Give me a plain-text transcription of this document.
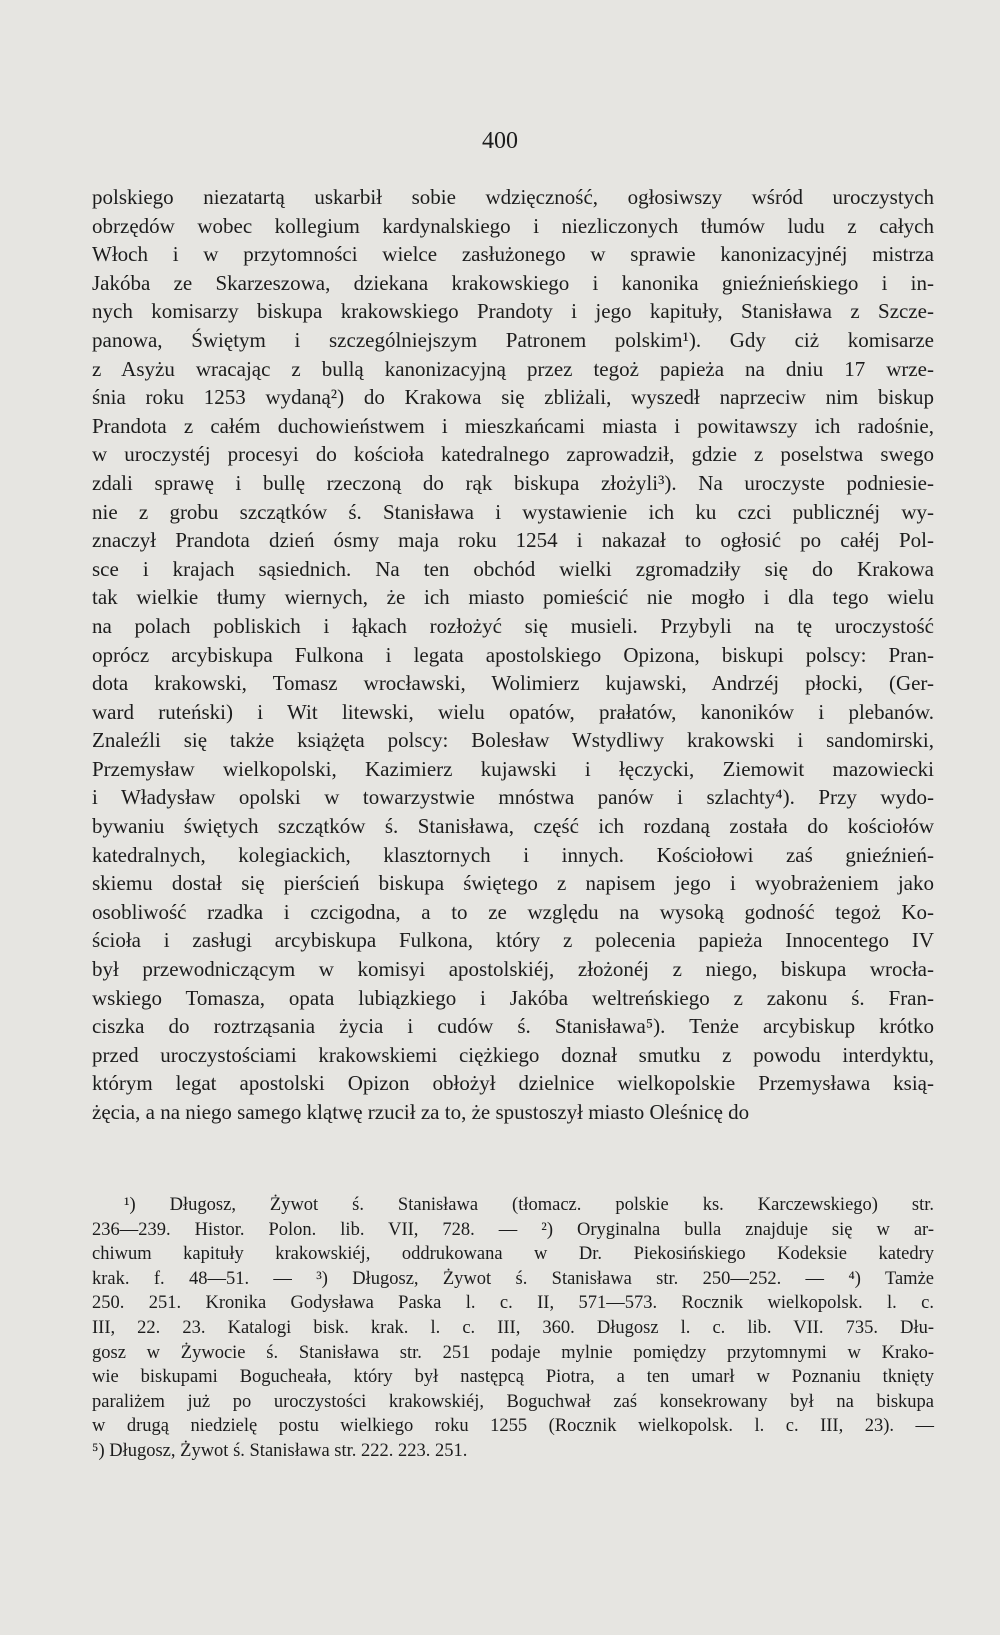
400
polskiego niezatartą uskarbił sobie wdzięczność, ogłosiwszy wśród uroczystych
obrzędów wobec kollegium kardynalskiego i niezliczonych tłumów ludu z całych
Włoch i w przytomności wielce zasłużonego w sprawie kanonizacyjnéj mistrza
Jakóba ze Skarzeszowa, dziekana krakowskiego i kanonika gnieźnieńskiego i in-
nych komisarzy biskupa krakowskiego Prandoty i jego kapituły, Stanisława z Szcze-
panowa, Świętym i szczególniejszym Patronem polskim¹). Gdy ciż komisarze
z Asyżu wracając z bullą kanonizacyjną przez tegoż papieża na dniu 17 wrze-
śnia roku 1253 wydaną²) do Krakowa się zbliżali, wyszedł naprzeciw nim biskup
Prandota z całém duchowieństwem i mieszkańcami miasta i powitawszy ich radośnie,
w uroczystéj procesyi do kościoła katedralnego zaprowadził, gdzie z poselstwa swego
zdali sprawę i bullę rzeczoną do rąk biskupa złożyli³). Na uroczyste podniesie-
nie z grobu szczątków ś. Stanisława i wystawienie ich ku czci publicznéj wy-
znaczył Prandota dzień ósmy maja roku 1254 i nakazał to ogłosić po całéj Pol-
sce i krajach sąsiednich. Na ten obchód wielki zgromadziły się do Krakowa
tak wielkie tłumy wiernych, że ich miasto pomieścić nie mogło i dla tego wielu
na polach pobliskich i łąkach rozłożyć się musieli. Przybyli na tę uroczystość
oprócz arcybiskupa Fulkona i legata apostolskiego Opizona, biskupi polscy: Pran-
dota krakowski, Tomasz wrocławski, Wolimierz kujawski, Andrzéj płocki, (Ger-
ward ruteński) i Wit litewski, wielu opatów, prałatów, kanoników i plebanów.
Znaleźli się także książęta polscy: Bolesław Wstydliwy krakowski i sandomirski,
Przemysław wielkopolski, Kazimierz kujawski i łęczycki, Ziemowit mazowiecki
i Władysław opolski w towarzystwie mnóstwa panów i szlachty⁴). Przy wydo-
bywaniu świętych szczątków ś. Stanisława, część ich rozdaną została do kościołów
katedralnych, kolegiackich, klasztornych i innych. Kościołowi zaś gnieźnień-
skiemu dostał się pierścień biskupa świętego z napisem jego i wyobrażeniem jako
osobliwość rzadka i czcigodna, a to ze względu na wysoką godność tegoż Ko-
ścioła i zasługi arcybiskupa Fulkona, który z polecenia papieża Innocentego IV
był przewodniczącym w komisyi apostolskiéj, złożonéj z niego, biskupa wrocła-
wskiego Tomasza, opata lubiązkiego i Jakóba weltreńskiego z zakonu ś. Fran-
ciszka do roztrząsania życia i cudów ś. Stanisława⁵). Tenże arcybiskup krótko
przed uroczystościami krakowskiemi ciężkiego doznał smutku z powodu interdyktu,
którym legat apostolski Opizon obłożył dzielnice wielkopolskie Przemysława ksią-
żęcia, a na niego samego klątwę rzucił za to, że spustoszył miasto Oleśnicę do
¹) Długosz, Żywot ś. Stanisława (tłomacz. polskie ks. Karczewskiego) str.
236—239. Histor. Polon. lib. VII, 728. — ²) Oryginalna bulla znajduje się w ar-
chiwum kapituły krakowskiéj, oddrukowana w Dr. Piekosińskiego Kodeksie katedry
krak. f. 48—51. — ³) Długosz, Żywot ś. Stanisława str. 250—252. — ⁴) Tamże
250. 251. Kronika Godysława Paska l. c. II, 571—573. Rocznik wielkopolsk. l. c.
III, 22. 23. Katalogi bisk. krak. l. c. III, 360. Długosz l. c. lib. VII. 735. Dłu-
gosz w Żywocie ś. Stanisława str. 251 podaje mylnie pomiędzy przytomnymi w Krako-
wie biskupami Bogucheała, który był następcą Piotra, a ten umarł w Poznaniu tknięty
paraliżem już po uroczystości krakowskiéj, Boguchwał zaś konsekrowany był na biskupa
w drugą niedzielę postu wielkiego roku 1255 (Rocznik wielkopolsk. l. c. III, 23). —
⁵) Długosz, Żywot ś. Stanisława str. 222. 223. 251.
